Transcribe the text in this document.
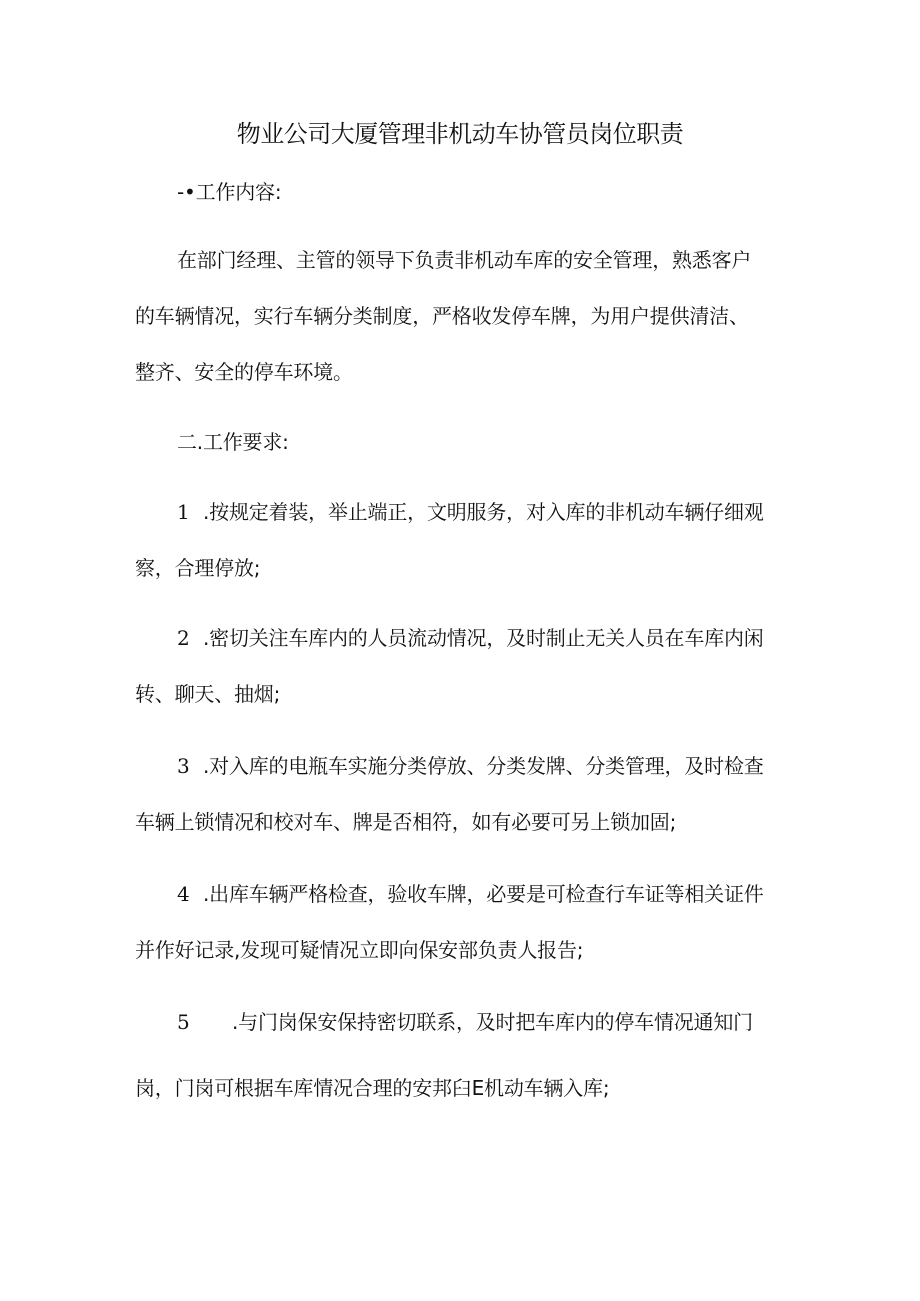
物业公司大厦管理非机动车协管员岗位职责
-•工作内容:
在部门经理、主管的领导下负责非机动车库的安全管理，熟悉客户
的车辆情况，实行车辆分类制度，严格收发停车牌，为用户提供清洁、
整齐、安全的停车环境。
二.工作要求:
1 .按规定着装，举止端正，文明服务，对入库的非机动车辆仔细观
察，合理停放;
2 .密切关注车库内的人员流动情况，及时制止无关人员在车库内闲
转、聊天、抽烟;
3 .对入库的电瓶车实施分类停放、分类发牌、分类管理，及时检查
车辆上锁情况和校对车、牌是否相符，如有必要可另上锁加固;
4 .出库车辆严格检查，验收车牌，必要是可检查行车证等相关证件
并作好记录,发现可疑情况立即向保安部负责人报告;
5 .与门岗保安保持密切联系，及时把车库内的停车情况通知门
岗，门岗可根据车库情况合理的安邦臼Ε机动车辆入库;
